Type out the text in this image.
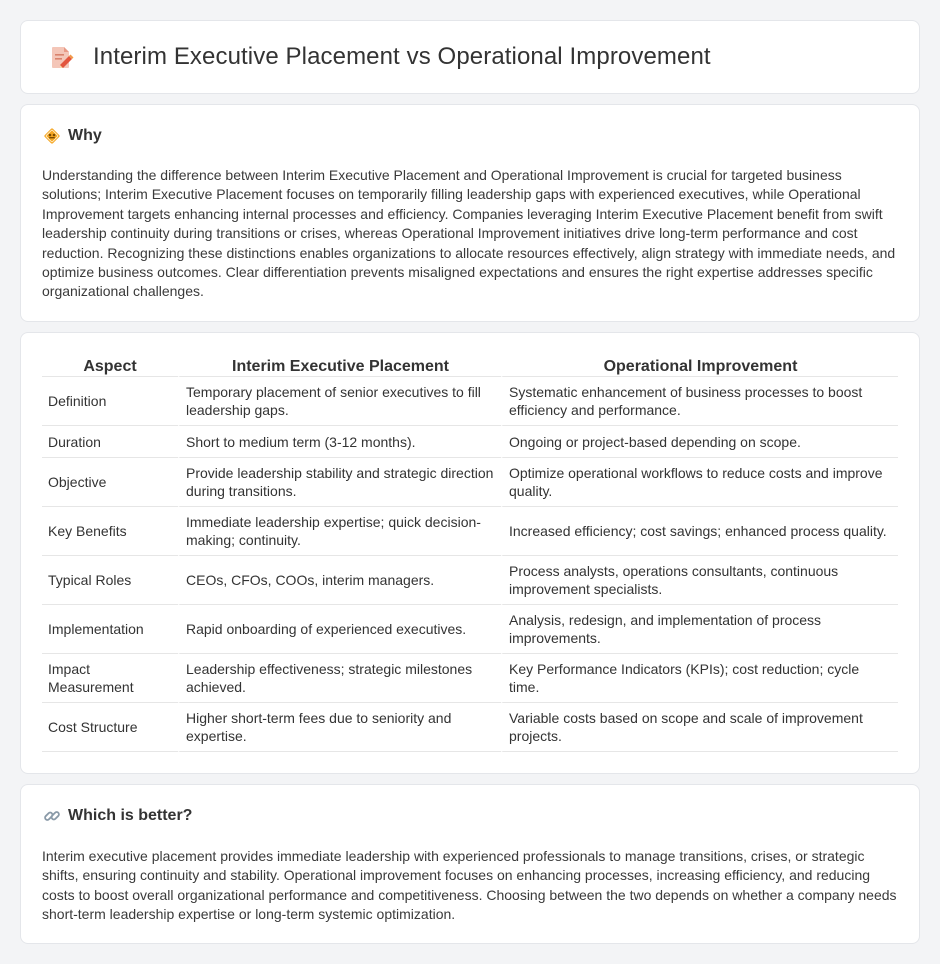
Interim Executive Placement vs Operational Improvement
Why

Understanding the difference between Interim Executive Placement and Operational Improvement is crucial for targeted business solutions; Interim Executive Placement focuses on temporarily filling leadership gaps with experienced executives, while Operational Improvement targets enhancing internal processes and efficiency. Companies leveraging Interim Executive Placement benefit from swift leadership continuity during transitions or crises, whereas Operational Improvement initiatives drive long-term performance and cost reduction. Recognizing these distinctions enables organizations to allocate resources effectively, align strategy with immediate needs, and optimize business outcomes. Clear differentiation prevents misaligned expectations and ensures the right expertise addresses specific organizational challenges.

Aspect	Interim Executive Placement	Operational Improvement
Definition	Temporary placement of senior executives to fill leadership gaps.	Systematic enhancement of business processes to boost efficiency and performance.
Duration	Short to medium term (3-12 months).	Ongoing or project-based depending on scope.
Objective	Provide leadership stability and strategic direction during transitions.	Optimize operational workflows to reduce costs and improve quality.
Key Benefits	Immediate leadership expertise; quick decision-making; continuity.	Increased efficiency; cost savings; enhanced process quality.
Typical Roles	CEOs, CFOs, COOs, interim managers.	Process analysts, operations consultants, continuous improvement specialists.
Implementation	Rapid onboarding of experienced executives.	Analysis, redesign, and implementation of process improvements.
Impact Measurement	Leadership effectiveness; strategic milestones achieved.	Key Performance Indicators (KPIs); cost reduction; cycle time.
Cost Structure	Higher short-term fees due to seniority and expertise.	Variable costs based on scope and scale of improvement projects.
Which is better?

Interim executive placement provides immediate leadership with experienced professionals to manage transitions, crises, or strategic shifts, ensuring continuity and stability. Operational improvement focuses on enhancing processes, increasing efficiency, and reducing costs to boost overall organizational performance and competitiveness. Choosing between the two depends on whether a company needs short-term leadership expertise or long-term systemic optimization.
